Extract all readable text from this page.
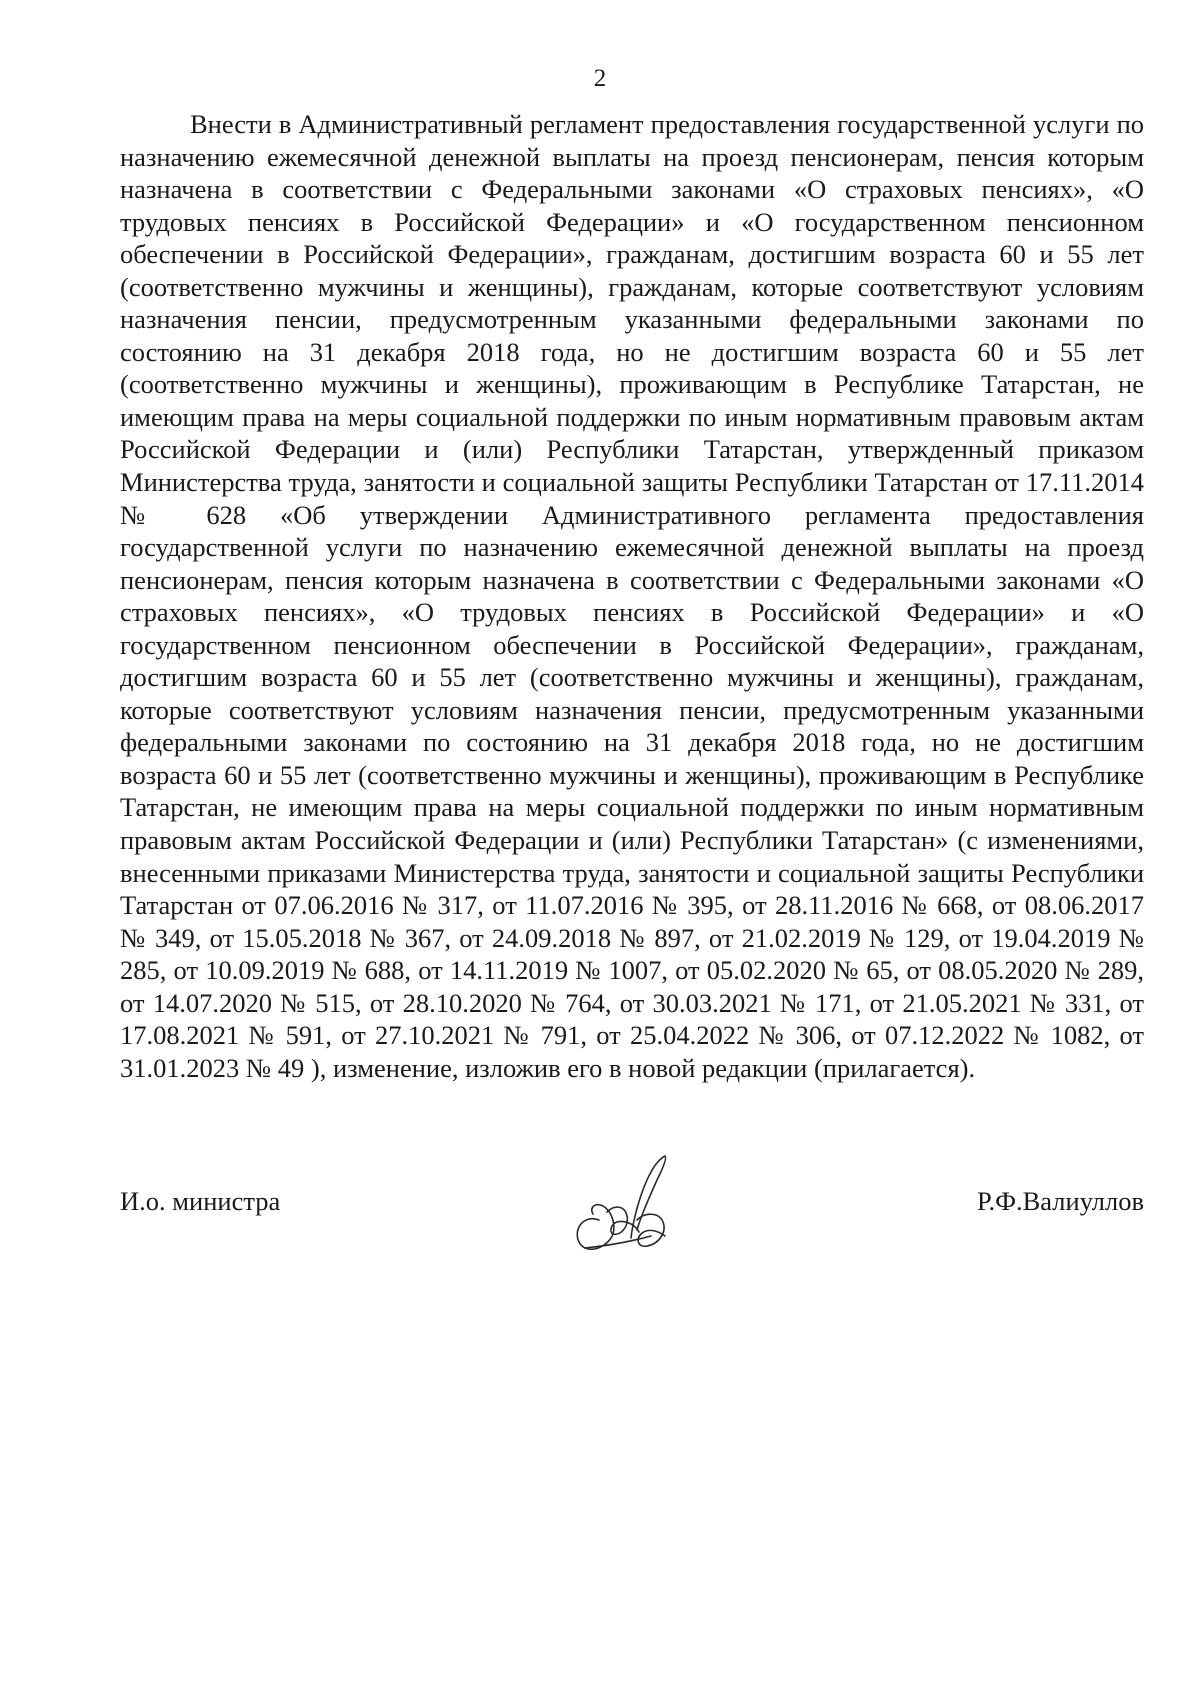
2

Внести в Административный регламент предоставления государственной услуги по назначению ежемесячной денежной выплаты на проезд пенсионерам, пенсия которым назначена в соответствии с Федеральными законами «О страховых пенсиях», «О трудовых пенсиях в Российской Федерации» и «О государственном пенсионном обеспечении в Российской Федерации», гражданам, достигшим возраста 60 и 55 лет (соответственно мужчины и женщины), гражданам, которые соответствуют условиям назначения пенсии, предусмотренным указанными федеральными законами по состоянию на 31 декабря 2018 года, но не достигшим возраста 60 и 55 лет (соответственно мужчины и женщины), проживающим в Республике Татарстан, не имеющим права на меры социальной поддержки по иным нормативным правовым актам Российской Федерации и (или) Республики Татарстан, утвержденный приказом Министерства труда, занятости и социальной защиты Республики Татарстан от 17.11.2014 № 628 «Об утверждении Административного регламента предоставления государственной услуги по назначению ежемесячной денежной выплаты на проезд пенсионерам, пенсия которым назначена в соответствии с Федеральными законами «О страховых пенсиях», «О трудовых пенсиях в Российской Федерации» и «О государственном пенсионном обеспечении в Российской Федерации», гражданам, достигшим возраста 60 и 55 лет (соответственно мужчины и женщины), гражданам, которые соответствуют условиям назначения пенсии, предусмотренным указанными федеральными законами по состоянию на 31 декабря 2018 года, но не достигшим возраста 60 и 55 лет (соответственно мужчины и женщины), проживающим в Республике Татарстан, не имеющим права на меры социальной поддержки по иным нормативным правовым актам Российской Федерации и (или) Республики Татарстан» (с изменениями, внесенными приказами Министерства труда, занятости и социальной защиты Республики Татарстан от 07.06.2016 № 317, от 11.07.2016 № 395, от 28.11.2016 № 668, от 08.06.2017 № 349, от 15.05.2018 № 367, от 24.09.2018 № 897, от 21.02.2019 № 129, от 19.04.2019 № 285, от 10.09.2019 № 688, от 14.11.2019 № 1007, от 05.02.2020 № 65, от 08.05.2020 № 289, от 14.07.2020 № 515, от 28.10.2020 № 764, от 30.03.2021 № 171, от 21.05.2021 № 331, от 17.08.2021 № 591, от 27.10.2021 № 791, от 25.04.2022 № 306, от 07.12.2022 № 1082, от 31.01.2023 № 49 ), изменение, изложив его в новой редакции (прилагается).

И.о. министра	Р.Ф.Валиуллов
